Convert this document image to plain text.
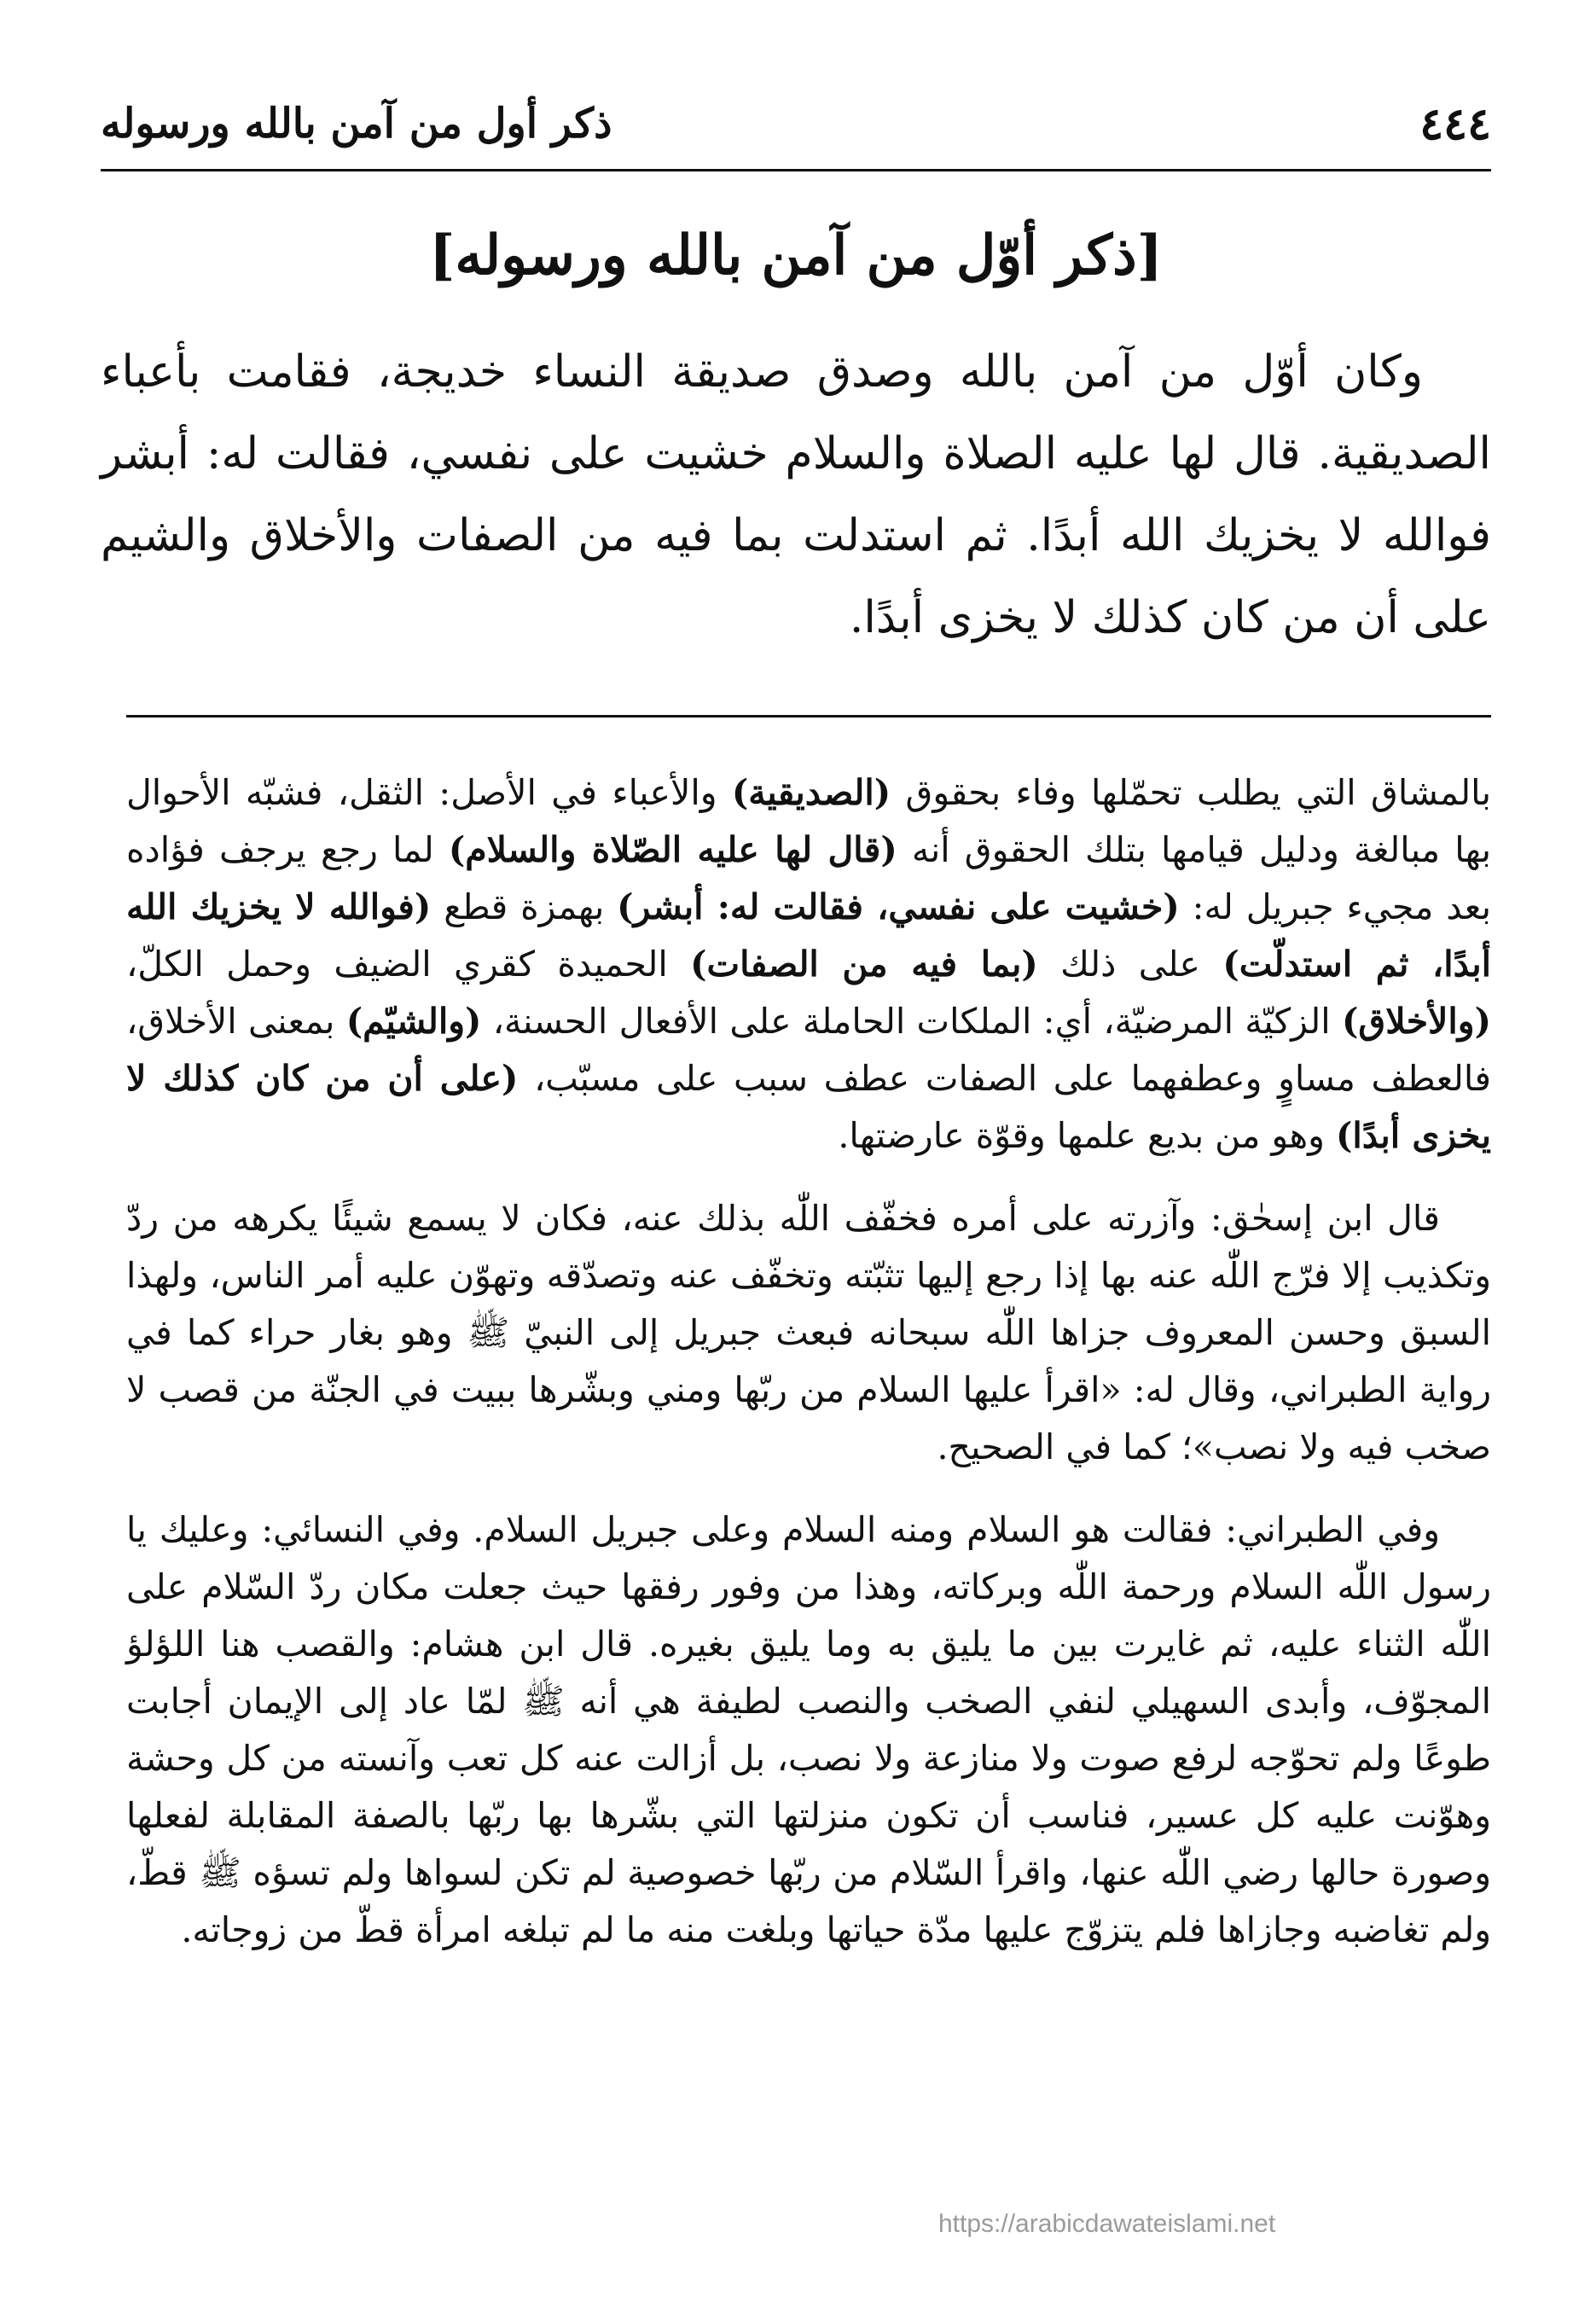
٤٤٤
ذكر أول من آمن بالله ورسوله
[ذكر أوّل من آمن بالله ورسوله]

وكان أوّل من آمن بالله وصدق صديقة النساء خديجة، فقامت بأعباء الصديقية. قال لها عليه الصلاة والسلام خشيت على نفسي، فقالت له: أبشر فوالله لا يخزيك الله أبدًا. ثم استدلت بما فيه من الصفات والأخلاق والشيم على أن من كان كذلك لا يخزى أبدًا.

بالمشاق التي يطلب تحمّلها وفاء بحقوق (الصديقية) والأعباء في الأصل: الثقل، فشبّه الأحوال بها مبالغة ودليل قيامها بتلك الحقوق أنه (قال لها عليه الصّلاة والسلام) لما رجع يرجف فؤاده بعد مجيء جبريل له: (خشيت على نفسي، فقالت له: أبشر) بهمزة قطع (فوالله لا يخزيك الله أبدًا، ثم استدلّت) على ذلك (بما فيه من الصفات) الحميدة كقري الضيف وحمل الكلّ، (والأخلاق) الزكيّة المرضيّة، أي: الملكات الحاملة على الأفعال الحسنة، (والشيّم) بمعنى الأخلاق، فالعطف مساوٍ وعطفهما على الصفات عطف سبب على مسبّب، (على أن من كان كذلك لا يخزى أبدًا) وهو من بديع علمها وقوّة عارضتها.

قال ابن إسحٰق: وآزرته على أمره فخفّف اللّٰه بذلك عنه، فكان لا يسمع شيئًا يكرهه من ردّ وتكذيب إلا فرّج اللّٰه عنه بها إذا رجع إليها تثبّته وتخفّف عنه وتصدّقه وتهوّن عليه أمر الناس، ولهذا السبق وحسن المعروف جزاها اللّٰه سبحانه فبعث جبريل إلى النبيّ ﷺ وهو بغار حراء كما في رواية الطبراني، وقال له: «اقرأ عليها السلام من ربّها ومني وبشّرها ببيت في الجنّة من قصب لا صخب فيه ولا نصب»؛ كما في الصحيح.

وفي الطبراني: فقالت هو السلام ومنه السلام وعلى جبريل السلام. وفي النسائي: وعليك يا رسول اللّٰه السلام ورحمة اللّٰه وبركاته، وهذا من وفور رفقها حيث جعلت مكان ردّ السّلام على اللّٰه الثناء عليه، ثم غايرت بين ما يليق به وما يليق بغيره. قال ابن هشام: والقصب هنا اللؤلؤ المجوّف، وأبدى السهيلي لنفي الصخب والنصب لطيفة هي أنه ﷺ لمّا عاد إلى الإيمان أجابت طوعًا ولم تحوّجه لرفع صوت ولا منازعة ولا نصب، بل أزالت عنه كل تعب وآنسته من كل وحشة وهوّنت عليه كل عسير، فناسب أن تكون منزلتها التي بشّرها بها ربّها بالصفة المقابلة لفعلها وصورة حالها رضي اللّٰه عنها، واقرأ السّلام من ربّها خصوصية لم تكن لسواها ولم تسؤه ﷺ قطّ، ولم تغاضبه وجازاها فلم يتزوّج عليها مدّة حياتها وبلغت منه ما لم تبلغه امرأة قطّ من زوجاته.

https://arabicdawateislami.net
